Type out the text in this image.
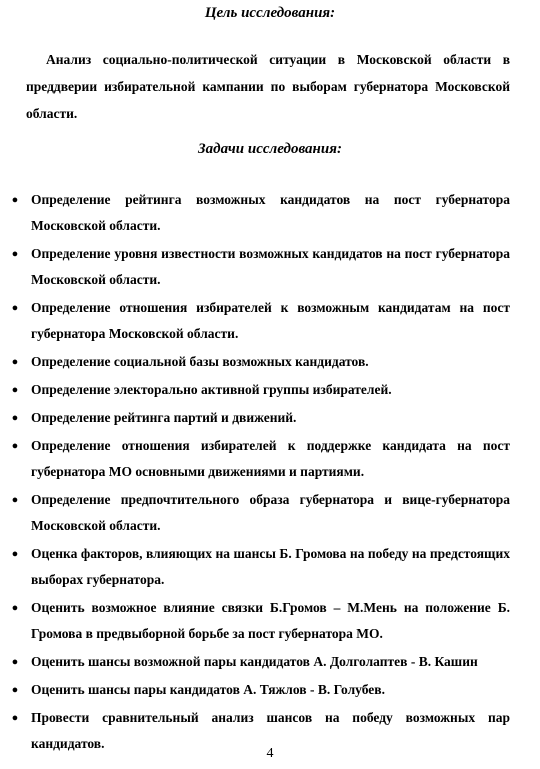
Цель исследования:

Анализ социально-политической ситуации в Московской области в преддверии избирательной кампании по выборам губернатора Московской области.

Задачи исследования:
● Определение рейтинга возможных кандидатов на пост губернатора Московской области.
● Определение уровня известности возможных кандидатов на пост губернатора Московской области.
● Определение отношения избирателей к возможным кандидатам на пост губернатора Московской области.
● Определение социальной базы возможных кандидатов.
● Определение электорально активной группы избирателей.
● Определение рейтинга партий и движений.
● Определение отношения избирателей к поддержке кандидата на пост губернатора МО основными движениями и партиями.
● Определение предпочтительного образа губернатора и вице-губернатора Московской области.
● Оценка факторов, влияющих на шансы Б. Громова на победу на предстоящих выборах губернатора.
● Оценить возможное влияние связки Б.Громов – М.Мень на положение Б. Громова в предвыборной борьбе за пост губернатора МО.
● Оценить шансы возможной пары кандидатов А. Долголаптев - В. Кашин
● Оценить шансы пары кандидатов А. Тяжлов - В. Голубев.
● Провести сравнительный анализ шансов на победу возможных пар кандидатов.
4
